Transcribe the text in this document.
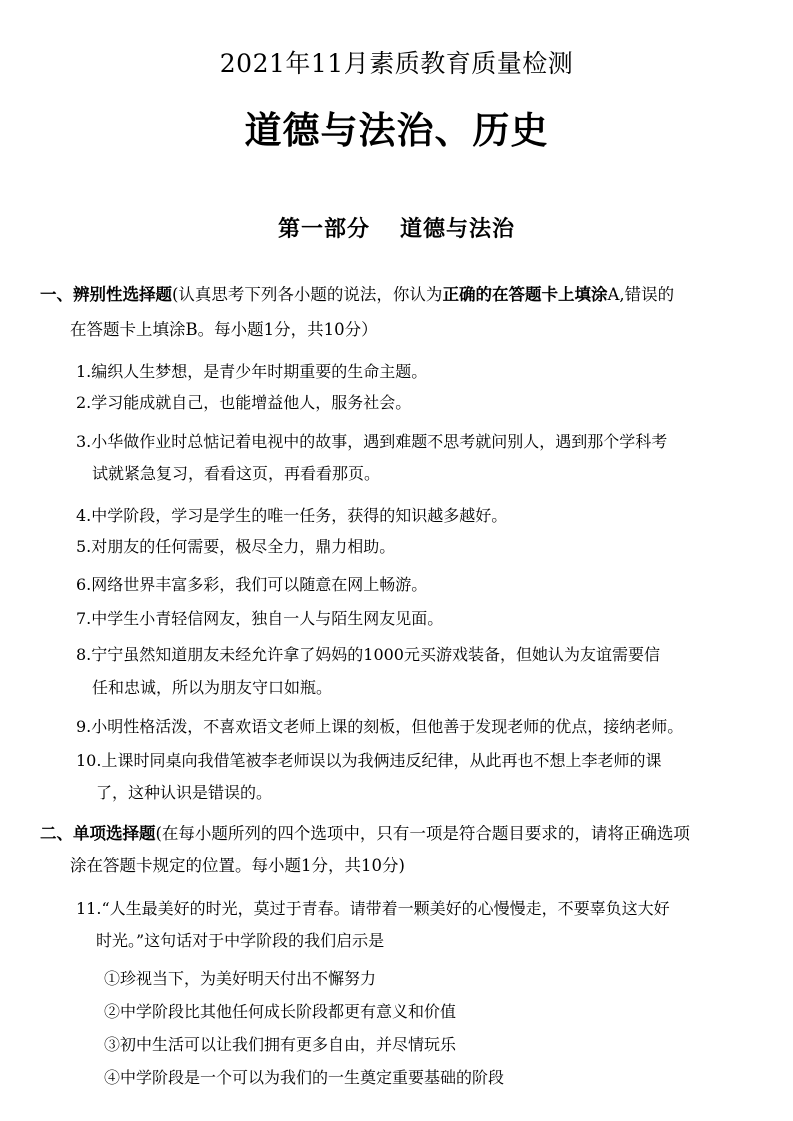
2021年11月素质教育质量检测
道德与法治、历史
第一部分 道德与法治
一、辨别性选择题(认真思考下列各小题的说法，你认为正确的在答题卡上填涂A,错误的
在答题卡上填涂B。每小题1分，共10分）
1.编织人生梦想，是青少年时期重要的生命主题。
2.学习能成就自己，也能增益他人，服务社会。
3.小华做作业时总惦记着电视中的故事，遇到难题不思考就问别人，遇到那个学科考
试就紧急复习，看看这页，再看看那页。
4.中学阶段，学习是学生的唯一任务，获得的知识越多越好。
5.对朋友的任何需要，极尽全力，鼎力相助。
6.网络世界丰富多彩，我们可以随意在网上畅游。
7.中学生小青轻信网友，独自一人与陌生网友见面。
8.宁宁虽然知道朋友未经允许拿了妈妈的1000元买游戏装备，但她认为友谊需要信
任和忠诚，所以为朋友守口如瓶。
9.小明性格活泼，不喜欢语文老师上课的刻板，但他善于发现老师的优点，接纳老师。
10.上课时同桌向我借笔被李老师误以为我俩违反纪律，从此再也不想上李老师的课
了，这种认识是错误的。
二、单项选择题(在每小题所列的四个选项中，只有一项是符合题目要求的，请将正确选项
涂在答题卡规定的位置。每小题1分，共10分)
11.“人生最美好的时光，莫过于青春。请带着一颗美好的心慢慢走，不要辜负这大好
时光。”这句话对于中学阶段的我们启示是
①珍视当下，为美好明天付出不懈努力
②中学阶段比其他任何成长阶段都更有意义和价值
③初中生活可以让我们拥有更多自由，并尽情玩乐
④中学阶段是一个可以为我们的一生奠定重要基础的阶段
